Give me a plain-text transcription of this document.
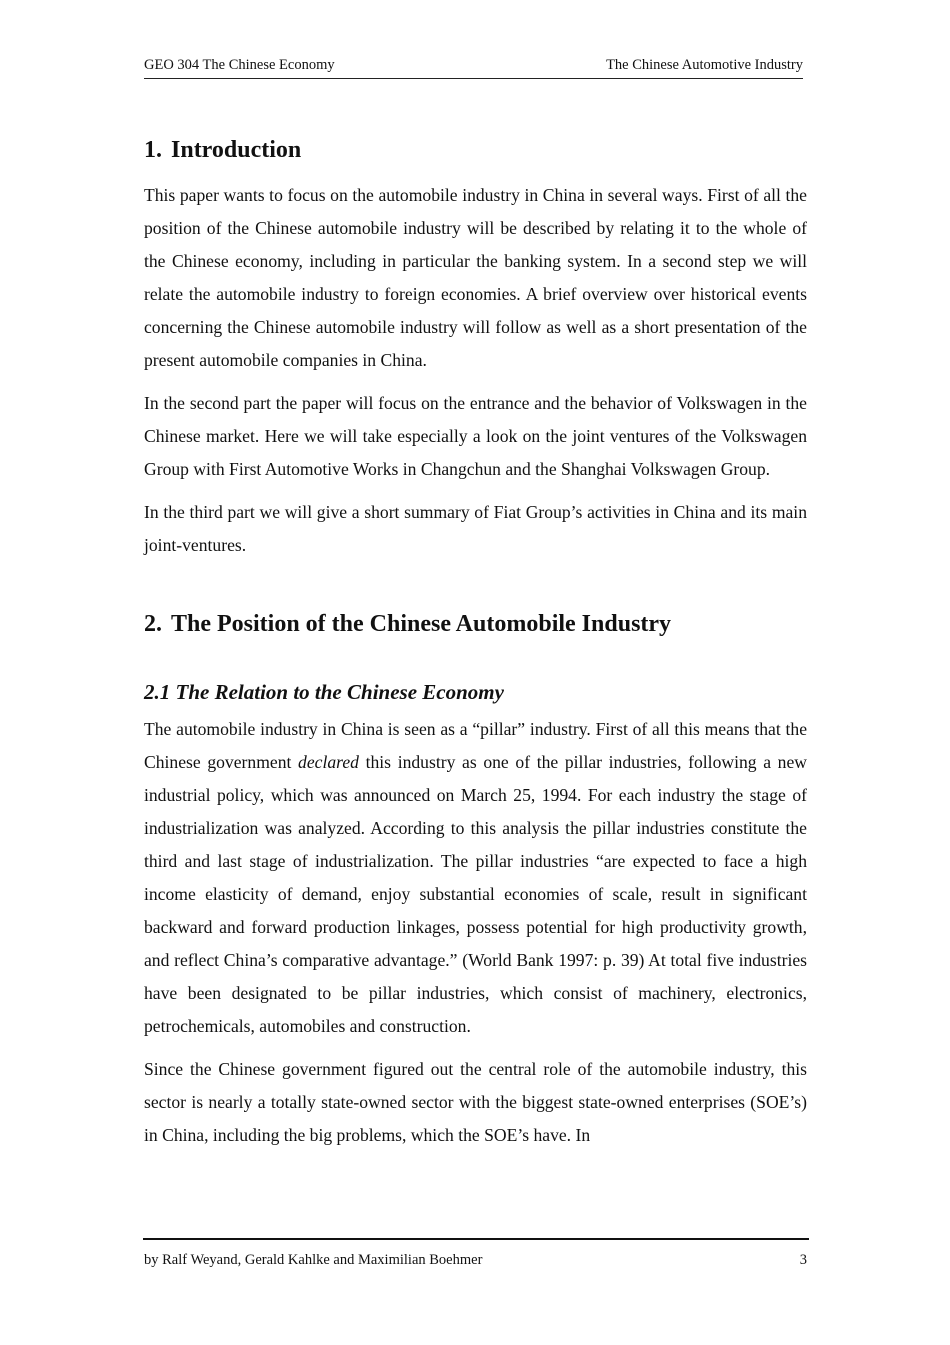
GEO 304 The Chinese Economy	The Chinese Automotive Industry
1. Introduction

This paper wants to focus on the automobile industry in China in several ways. First of all the position of the Chinese automobile industry will be described by relating it to the whole of the Chinese economy, including in particular the banking system. In a second step we will relate the automobile industry to foreign economies. A brief overview over historical events concerning the Chinese automobile industry will follow as well as a short presentation of the present automobile companies in China.

In the second part the paper will focus on the entrance and the behavior of Volkswagen in the Chinese market. Here we will take especially a look on the joint ventures of the Volkswagen Group with First Automotive Works in Changchun and the Shanghai Volkswagen Group.

In the third part we will give a short summary of Fiat Group’s activities in China and its main joint-ventures.

2. The Position of the Chinese Automobile Industry
2.1 The Relation to the Chinese Economy

The automobile industry in China is seen as a “pillar” industry. First of all this means that the Chinese government declared this industry as one of the pillar industries, following a new industrial policy, which was announced on March 25, 1994. For each industry the stage of industrialization was analyzed. According to this analysis the pillar industries constitute the third and last stage of industrialization. The pillar industries “are expected to face a high income elasticity of demand, enjoy substantial economies of scale, result in significant backward and forward production linkages, possess potential for high productivity growth, and reflect China’s comparative advantage.” (World Bank 1997: p. 39) At total five industries have been designated to be pillar industries, which consist of machinery, electronics, petrochemicals, automobiles and construction.

Since the Chinese government figured out the central role of the automobile industry, this sector is nearly a totally state-owned sector with the biggest state-owned enterprises (SOE’s) in China, including the big problems, which the SOE’s have. In

by Ralf Weyand, Gerald Kahlke and Maximilian Boehmer	3
